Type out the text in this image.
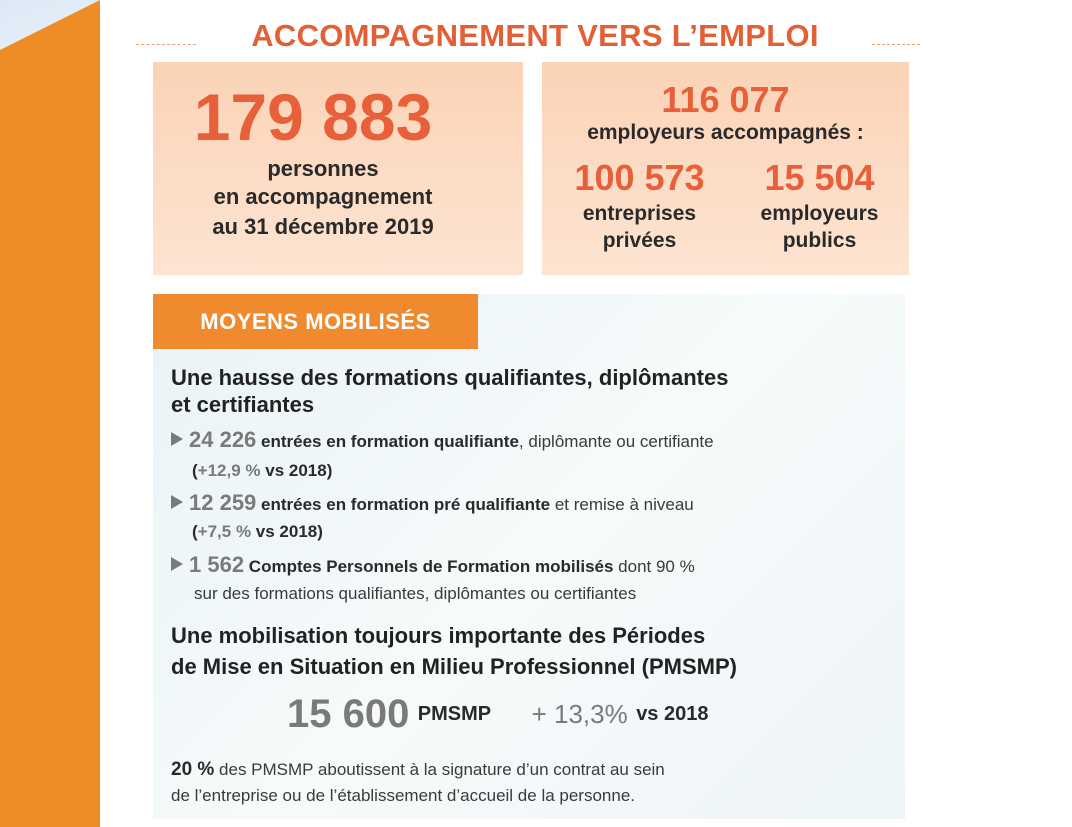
ACCOMPAGNEMENT VERS L’EMPLOI
179 883
personnes
en accompagnement
au 31 décembre 2019
116 077
employeurs accompagnés :
100 573
entreprises
privées
15 504
employeurs
publics
MOYENS MOBILISÉS
Une hausse des formations qualifiantes, diplômantes
et certifiantes
24 226 entrées en formation qualifiante, diplômante ou certifiante
(+12,9 % vs 2018)
12 259 entrées en formation pré qualifiante et remise à niveau
(+7,5 % vs 2018)
1 562 Comptes Personnels de Formation mobilisés dont 90 %
sur des formations qualifiantes, diplômantes ou certifiantes
Une mobilisation toujours importante des Périodes
de Mise en Situation en Milieu Professionnel (PMSMP)
15 600 PMSMP + 13,3% vs 2018
20 % des PMSMP aboutissent à la signature d’un contrat au sein
de l’entreprise ou de l’établissement d’accueil de la personne.
